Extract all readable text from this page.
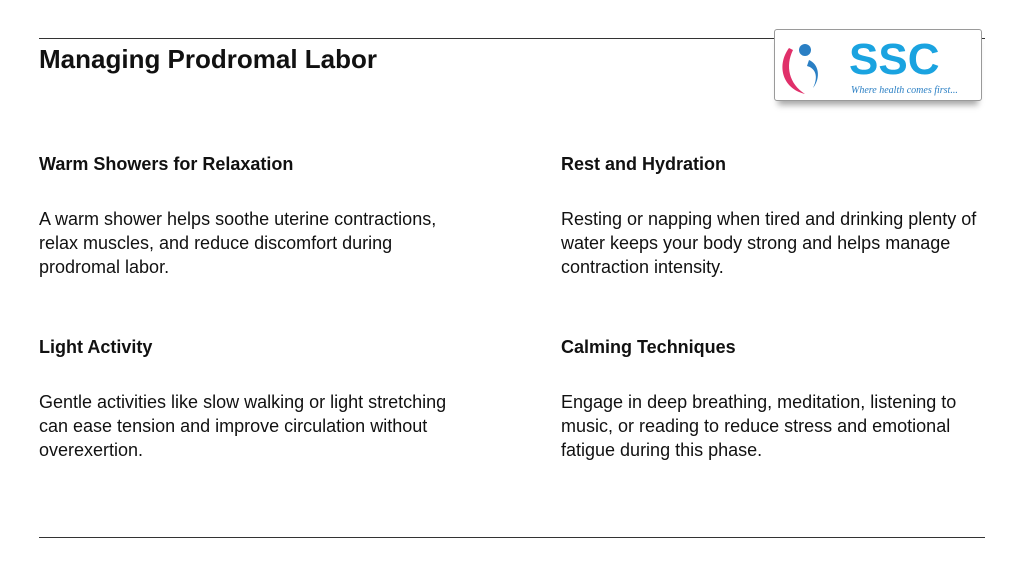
Managing Prodromal Labor	SSC
Where health comes first...
Warm Showers for Relaxation

A warm shower helps soothe uterine contractions, relax muscles, and reduce discomfort during prodromal labor.

Rest and Hydration

Resting or napping when tired and drinking plenty of water keeps your body strong and helps manage contraction intensity.

Light Activity

Gentle activities like slow walking or light stretching can ease tension and improve circulation without overexertion.

Calming Techniques

Engage in deep breathing, meditation, listening to music, or reading to reduce stress and emotional fatigue during this phase.
